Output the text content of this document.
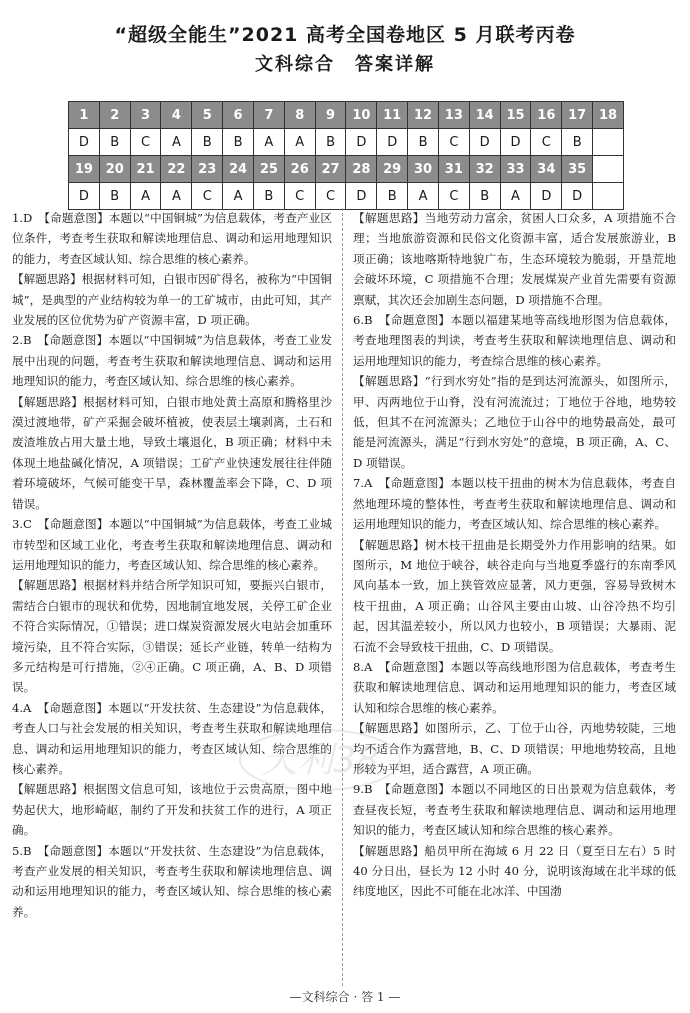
“超级全能生”2021 高考全国卷地区 5 月联考丙卷
文科综合　答案详解
1	2	3	4	5	6	7	8	9	10	11	12	13	14	15	16	17	18
D	B	C	A	B	B	A	A	B	D	D	B	C	D	D	C	B	
19	20	21	22	23	24	25	26	27	28	29	30	31	32	33	34	35	
D	B	A	A	C	A	B	C	C	D	B	A	C	B	A	D	D	
1.D　【命题意图】本题以“中国铜城”为信息载体，考查产业区位条件，考查考生获取和解读地理信息、调动和运用地理知识的能力，考查区域认知、综合思维的核心素养。
【解题思路】根据材料可知，白银市因矿得名，被称为“中国铜城”，是典型的产业结构较为单一的工矿城市，由此可知，其产业发展的区位优势为矿产资源丰富，D 项正确。
2.B　【命题意图】本题以“中国铜城”为信息载体，考查工业发展中出现的问题，考查考生获取和解读地理信息、调动和运用地理知识的能力，考查区域认知、综合思维的核心素养。
【解题思路】根据材料可知，白银市地处黄土高原和腾格里沙漠过渡地带，矿产采掘会破坏植被，使表层土壤剥离，土石和废渣堆放占用大量土地，导致土壤退化，B 项正确；材料中未体现土地盐碱化情况，A 项错误；工矿产业快速发展往往伴随着环境破坏，气候可能变干旱，森林覆盖率会下降，C、D 项错误。
3.C　【命题意图】本题以“中国铜城”为信息载体，考查工业城市转型和区域工业化，考查考生获取和解读地理信息、调动和运用地理知识的能力，考查区域认知、综合思维的核心素养。
【解题思路】根据材料并结合所学知识可知，要振兴白银市，需结合白银市的现状和优势，因地制宜地发展，关停工矿企业不符合实际情况，①错误；进口煤炭资源发展火电站会加重环境污染，且不符合实际，③错误；延长产业链，转单一结构为多元结构是可行措施，②④正确。C 项正确，A、B、D 项错误。
4.A　【命题意图】本题以“开发扶贫、生态建设”为信息载体，考查人口与社会发展的相关知识，考查考生获取和解读地理信息、调动和运用地理知识的能力，考查区域认知、综合思维的核心素养。
【解题思路】根据图文信息可知，该地位于云贵高原，图中地势起伏大，地形崎岖，制约了开发和扶贫工作的进行，A 项正确。
5.B　【命题意图】本题以“开发扶贫、生态建设”为信息载体，考查产业发展的相关知识，考查考生获取和解读地理信息、调动和运用地理知识的能力，考查区域认知、综合思维的核心素养。
【解题思路】当地劳动力富余，贫困人口众多，A 项措施不合理；当地旅游资源和民俗文化资源丰富，适合发展旅游业，B 项正确；该地喀斯特地貌广布，生态环境较为脆弱，开垦荒地会破坏环境，C 项措施不合理；发展煤炭产业首先需要有资源禀赋，其次还会加剧生态问题，D 项措施不合理。
6.B　【命题意图】本题以福建某地等高线地形图为信息载体，考查地理图表的判读，考查考生获取和解读地理信息、调动和运用地理知识的能力，考查综合思维的核心素养。
【解题思路】“行到水穷处”指的是到达河流源头，如图所示，甲、丙两地位于山脊，没有河流流过；丁地位于谷地，地势较低，但其不在河流源头；乙地位于山谷中的地势最高处，最可能是河流源头，满足“行到水穷处”的意境，B 项正确，A、C、D 项错误。
7.A　【命题意图】本题以枝干扭曲的树木为信息载体，考查自然地理环境的整体性，考查考生获取和解读地理信息、调动和运用地理知识的能力，考查区域认知、综合思维的核心素养。
【解题思路】树木枝干扭曲是长期受外力作用影响的结果。如图所示，M 地位于峡谷，峡谷走向与当地夏季盛行的东南季风风向基本一致，加上狭管效应显著，风力更强，容易导致树木枝干扭曲，A 项正确；山谷风主要由山坡、山谷冷热不均引起，因其温差较小，所以风力也较小，B 项错误；大暴雨、泥石流不会导致枝干扭曲，C、D 项错误。
8.A　【命题意图】本题以等高线地形图为信息载体，考查考生获取和解读地理信息、调动和运用地理知识的能力，考查区域认知和综合思维的核心素养。
【解题思路】如图所示，乙、丁位于山谷，丙地势较陡，三地均不适合作为露营地，B、C、D 项错误；甲地地势较高，且地形较为平坦，适合露营，A 项正确。
9.B　【命题意图】本题以不同地区的日出景观为信息载体，考查昼夜长短，考查考生获取和解读地理信息、调动和运用地理知识的能力，考查区域认知和综合思维的核心素养。
【解题思路】船员甲所在海域 6 月 22 日（夏至日左右）5 时 40 分日出，昼长为 12 小时 40 分，说明该海域在北半球的低纬度地区，因此不可能在北冰洋、中国渤
天利38
—文科综合 · 答 1 —
